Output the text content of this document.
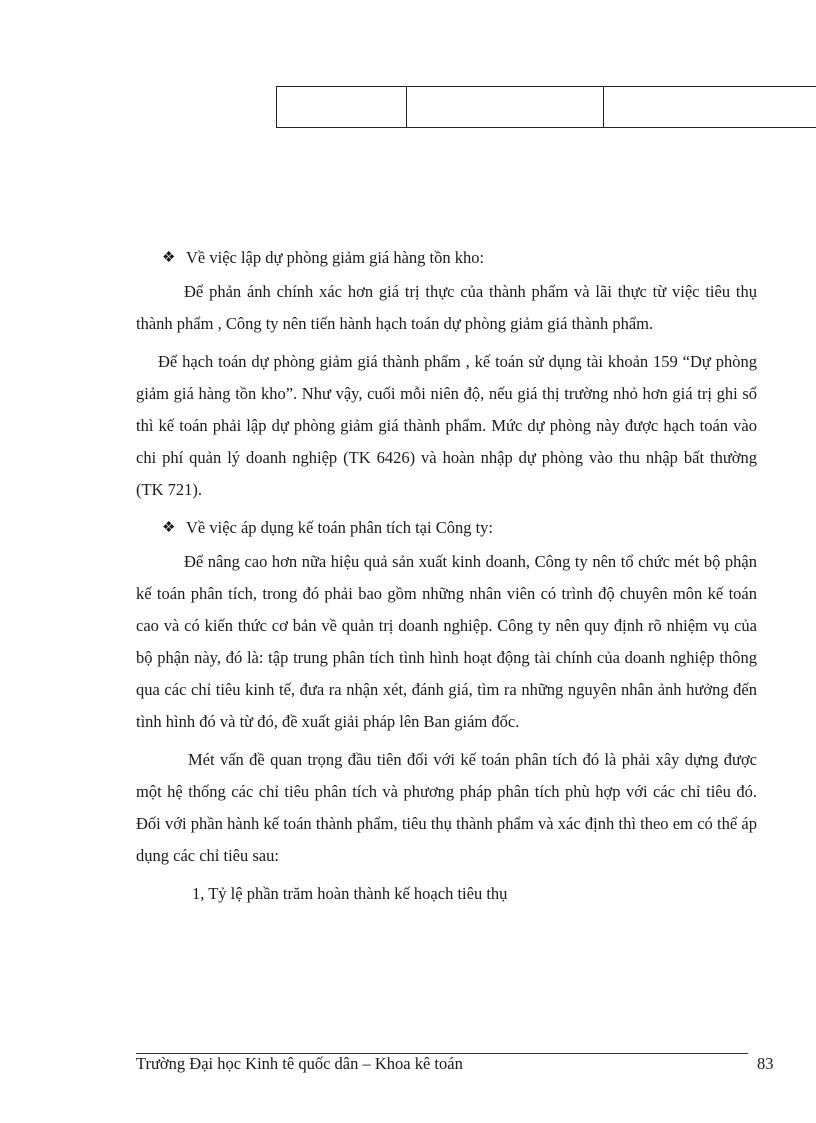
❖ Về việc lập dự phòng giảm giá hàng tồn kho:

Để phản ánh chính xác hơn giá trị thực của thành phẩm và lãi thực từ việc tiêu thụ thành phẩm , Công ty nên tiến hành hạch toán dự phòng giảm giá thành phẩm.

Để hạch toán dự phòng giảm giá thành phẩm , kế toán sử dụng tài khoản 159 “Dự phòng giảm giá hàng tồn kho”. Như vậy, cuối mỗi niên độ, nếu giá thị trường nhỏ hơn giá trị ghi sổ thì kế toán phải lập dự phòng giảm giá thành phẩm. Mức dự phòng này được hạch toán vào chi phí quản lý doanh nghiệp (TK 6426) và hoàn nhập dự phòng vào thu nhập bất thường (TK 721).

❖ Về việc áp dụng kế toán phân tích tại Công ty:

Để nâng cao hơn nữa hiệu quả sản xuất kinh doanh, Công ty nên tổ chức mét bộ phận kế toán phân tích, trong đó phải bao gồm những nhân viên có trình độ chuyên môn kế toán cao và có kiến thức cơ bản về quản trị doanh nghiệp. Công ty nên quy định rõ nhiệm vụ của bộ phận này, đó là: tập trung phân tích tình hình hoạt động tài chính của doanh nghiệp thông qua các chỉ tiêu kinh tế, đưa ra nhận xét, đánh giá, tìm ra những nguyên nhân ảnh hưởng đến tình hình đó và từ đó, đề xuất giải pháp lên Ban giám đốc.

Mét vấn đề quan trọng đầu tiên đối với kế toán phân tích đó là phải xây dựng được một hệ thống các chỉ tiêu phân tích và phương pháp phân tích phù hợp với các chỉ tiêu đó. Đối với phần hành kế toán thành phẩm, tiêu thụ thành phẩm và xác định thì theo em có thể áp dụng các chỉ tiêu sau:

1, Tỷ lệ phần trăm hoàn thành kế hoạch tiêu thụ

Trường Đại học Kinh tê quốc dân – Khoa kê toán	83
